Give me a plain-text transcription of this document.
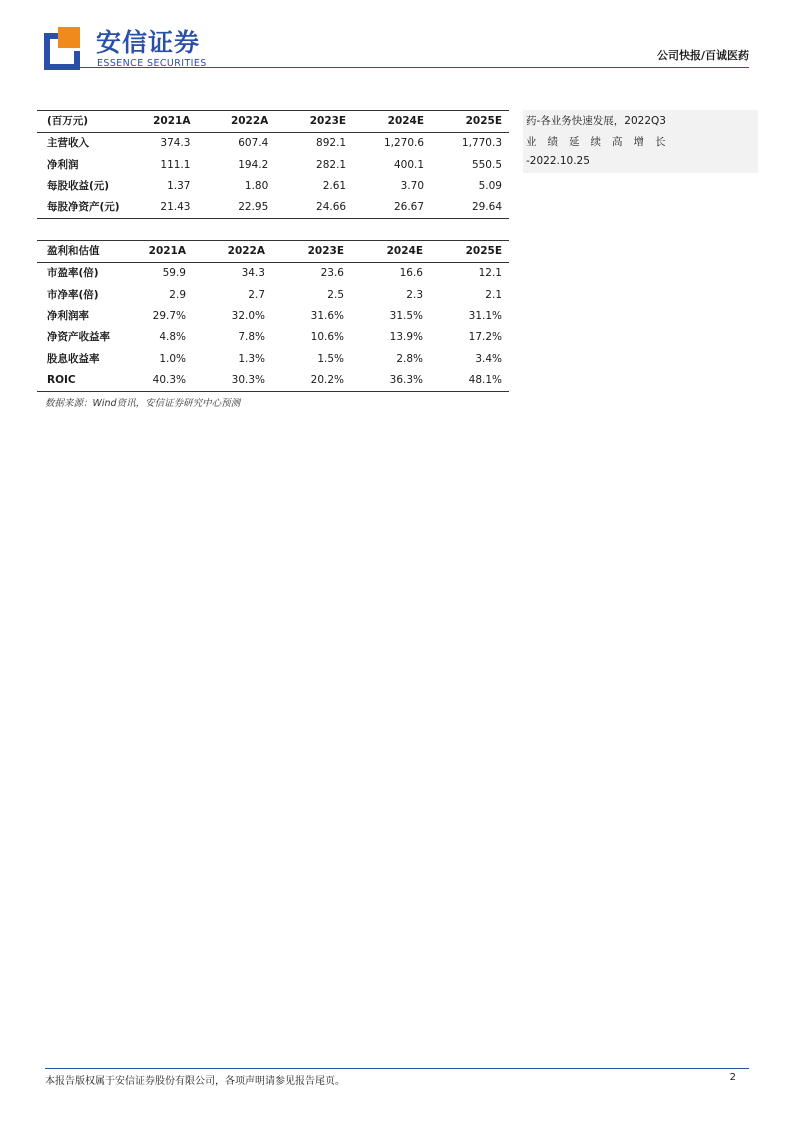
安信证券
ESSENCE SECURITIES
公司快报/百诚医药
(百万元)	2021A	2022A	2023E	2024E	2025E
主营收入	374.3	607.4	892.1	1,270.6	1,770.3
净利润	111.1	194.2	282.1	400.1	550.5
每股收益(元)	1.37	1.80	2.61	3.70	5.09
每股净资产(元)	21.43	22.95	24.66	26.67	29.64
盈利和估值	2021A	2022A	2023E	2024E	2025E
市盈率(倍)	59.9	34.3	23.6	16.6	12.1
市净率(倍)	2.9	2.7	2.5	2.3	2.1
净利润率	29.7%	32.0%	31.6%	31.5%	31.1%
净资产收益率	4.8%	7.8%	10.6%	13.9%	17.2%
股息收益率	1.0%	1.3%	1.5%	2.8%	3.4%
ROIC	40.3%	30.3%	20.2%	36.3%	48.1%
数据来源：Wind资讯，安信证券研究中心预测
药-各业务快速发展，2022Q3
业绩延续高增长
-2022.10.25
本报告版权属于安信证券股份有限公司，各项声明请参见报告尾页。	2
